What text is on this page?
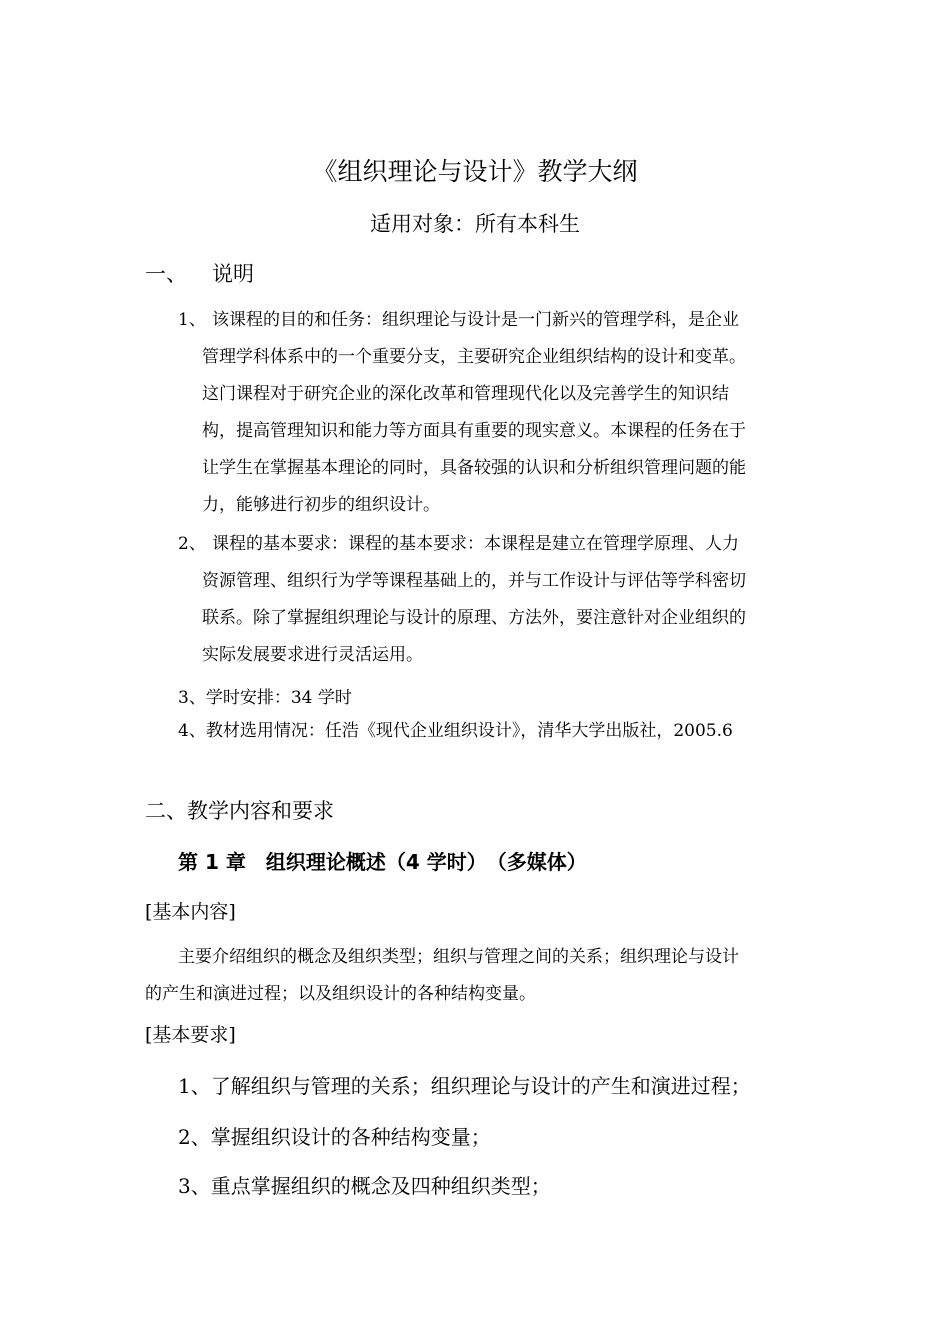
《组织理论与设计》教学大纲
适用对象：所有本科生
一、 说明
1、 该课程的目的和任务：组织理论与设计是一门新兴的管理学科，是企业
管理学科体系中的一个重要分支，主要研究企业组织结构的设计和变革。
这门课程对于研究企业的深化改革和管理现代化以及完善学生的知识结
构，提高管理知识和能力等方面具有重要的现实意义。本课程的任务在于
让学生在掌握基本理论的同时，具备较强的认识和分析组织管理问题的能
力，能够进行初步的组织设计。
2、 课程的基本要求：课程的基本要求：本课程是建立在管理学原理、人力
资源管理、组织行为学等课程基础上的，并与工作设计与评估等学科密切
联系。除了掌握组织理论与设计的原理、方法外，要注意针对企业组织的
实际发展要求进行灵活运用。
3、学时安排：34 学时
4、教材选用情况：任浩《现代企业组织设计》，清华大学出版社，2005.6
二、教学内容和要求
第 1 章　组织理论概述（4 学时）　（多媒体）
[基本内容]
主要介绍组织的概念及组织类型；组织与管理之间的关系；组织理论与设计
的产生和演进过程；以及组织设计的各种结构变量。
[基本要求]
1、了解组织与管理的关系；组织理论与设计的产生和演进过程；
2、掌握组织设计的各种结构变量；
3、重点掌握组织的概念及四种组织类型；
